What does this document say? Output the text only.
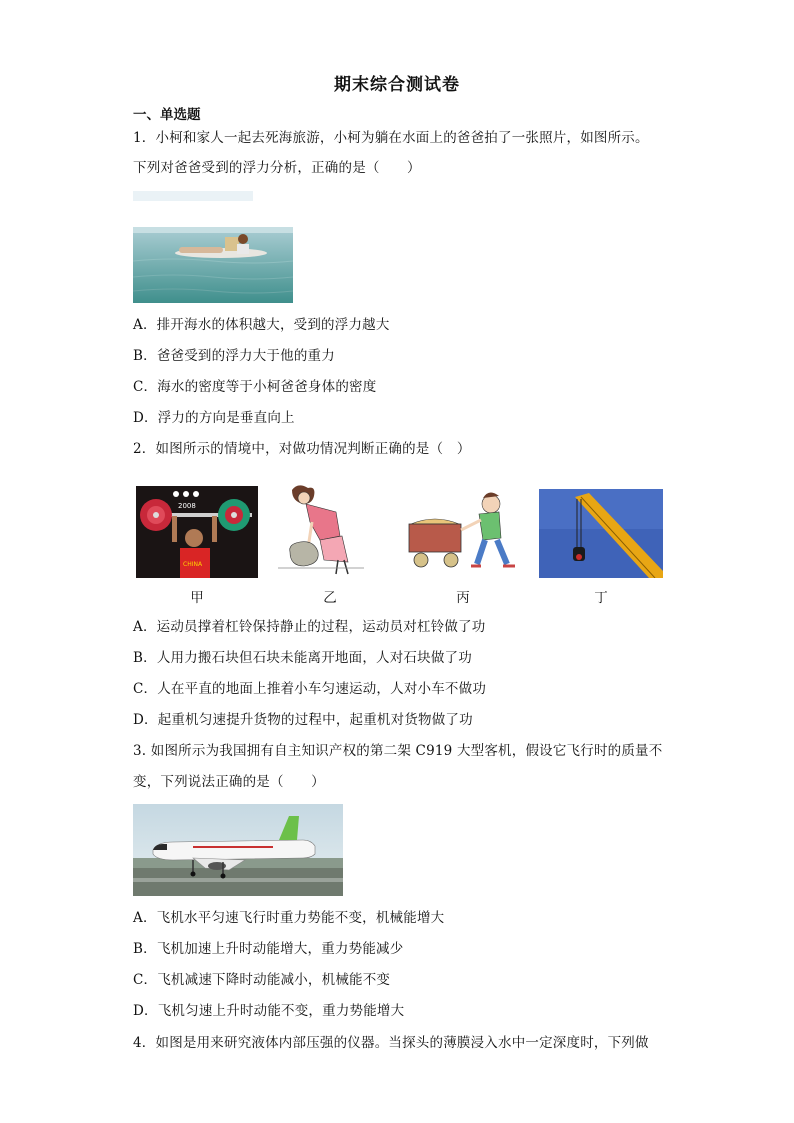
期末综合测试卷
一、单选题
1．小柯和家人一起去死海旅游，小柯为躺在水面上的爸爸拍了一张照片，如图所示。
下列对爸爸受到的浮力分析，正确的是（　　）
A．排开海水的体积越大，受到的浮力越大
B．爸爸受到的浮力大于他的重力
C．海水的密度等于小柯爸爸身体的密度
D．浮力的方向是垂直向上
2．如图所示的情境中，对做功情况判断正确的是（　）
2008
CHINA
甲	乙	丙	丁
A．运动员撑着杠铃保持静止的过程，运动员对杠铃做了功
B．人用力搬石块但石块未能离开地面，人对石块做了功
C．人在平直的地面上推着小车匀速运动，人对小车不做功
D．起重机匀速提升货物的过程中，起重机对货物做了功
3. 如图所示为我国拥有自主知识产权的第二架 C919 大型客机，假设它飞行时的质量不
变，下列说法正确的是（　　）
A．飞机水平匀速飞行时重力势能不变，机械能增大
B．飞机加速上升时动能增大，重力势能减少
C．飞机减速下降时动能减小，机械能不变
D．飞机匀速上升时动能不变，重力势能增大
4．如图是用来研究液体内部压强的仪器。当探头的薄膜浸入水中一定深度时，下列做
